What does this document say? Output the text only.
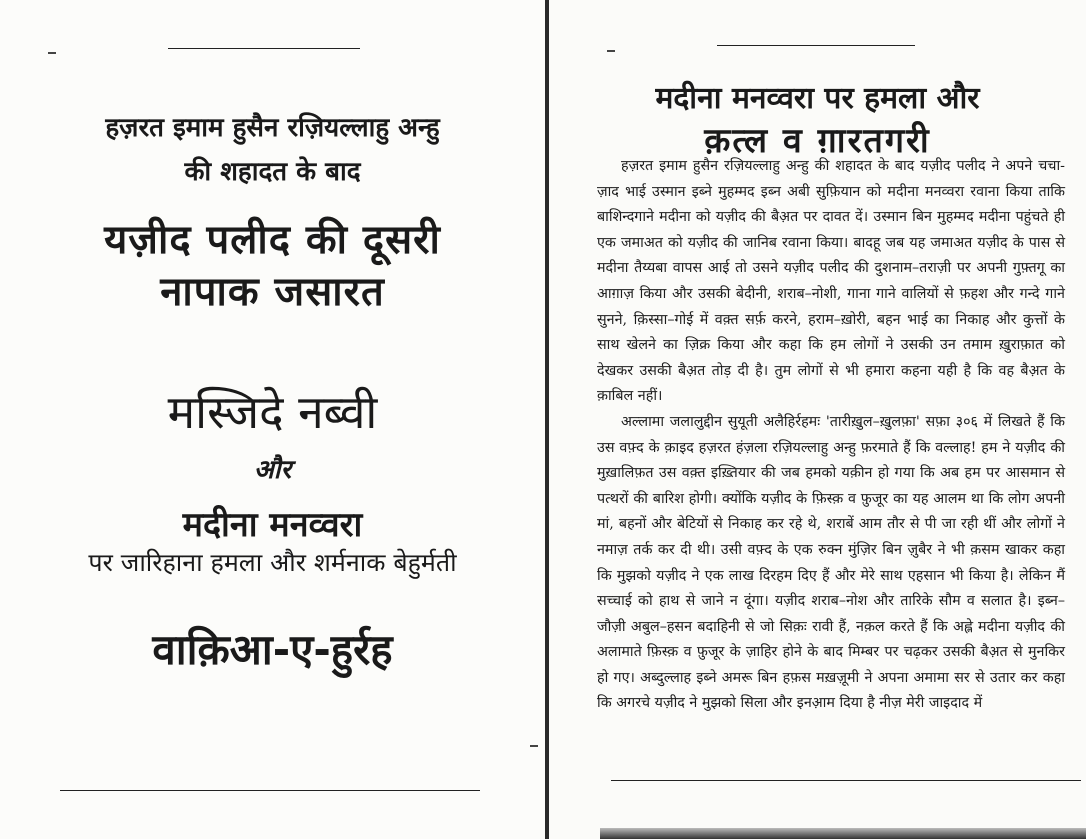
हज़रत इमाम हुसैन रज़ियल्लाहु अन्हु
की शहादत के बाद
यज़ीद पलीद की दूसरी
नापाक जसारत
मस्जिदे नब्वी
और
मदीना मनव्वरा
पर जारिहाना हमला और शर्मनाक बेहुर्मती
वाक़िआ-ए-हुर्रह
मदीना मनव्वरा पर हमला और
क़त्ल व ग़ारतगरी

हज़रत इमाम हुसैन रज़ियल्लाहु अन्हु की शहादत के बाद यज़ीद पलीद ने अपने चचा-ज़ाद भाई उस्मान इब्ने मुहम्मद इब्न अबी सुफ़ियान को मदीना मनव्वरा रवाना किया ताकि बाशिन्दगाने मदीना को यज़ीद की बैअ़त पर दावत दें। उस्मान बिन मुहम्मद मदीना पहुंचते ही एक जमाअत को यज़ीद की जानिब रवाना किया। बादहू जब यह जमाअत यज़ीद के पास से मदीना तैय्यबा वापस आई तो उसने यज़ीद पलीद की दुशनाम–तराज़ी पर अपनी गुफ़्तगू का आग़ाज़ किया और उसकी बेदीनी, शराब–नोशी, गाना गाने वालियों से फ़हश और गन्दे गाने सुनने, क़िस्सा–गोई में वक़्त सर्फ़ करने, हराम–ख़ोरी, बहन भाई का निकाह और कुत्तों के साथ खेलने का ज़िक्र किया और कहा कि हम लोगों ने उसकी उन तमाम ख़ुराफ़ात को देखकर उसकी बैअ़त तोड़ दी है। तुम लोगों से भी हमारा कहना यही है कि वह बैअ़त के क़ाबिल नहीं।

अल्लामा जलालुद्दीन सुयूती अलैहिर्रहमः 'तारीख़ुल–ख़ुलफ़ा' सफ़ा ३०६ में लिखते हैं कि उस वफ़्द के क़ाइद हज़रत हंज़ला रज़ियल्लाहु अन्हु फ़रमाते हैं कि वल्लाह! हम ने यज़ीद की मुख़ालिफ़त उस वक़्त इख़्तियार की जब हमको यक़ीन हो गया कि अब हम पर आसमान से पत्थरों की बारिश होगी। क्योंकि यज़ीद के फ़िस्क़ व फ़ुजूर का यह आलम था कि लोग अपनी मां, बहनों और बेटियों से निकाह कर रहे थे, शराबें आम तौर से पी जा रही थीं और लोगों ने नमाज़ तर्क कर दी थी। उसी वफ़्द के एक रुक्न मुंज़िर बिन ज़ुबैर ने भी क़सम खाकर कहा कि मुझको यज़ीद ने एक लाख दिरहम दिए हैं और मेरे साथ एहसान भी किया है। लेकिन मैं सच्चाई को हाथ से जाने न दूंगा। यज़ीद शराब–नोश और तारिके सौम व सलात है। इब्न–जौज़ी अबुल–हसन बदाहिनी से जो सिक़ः रावी हैं, नक़ल करते हैं कि अह्ले मदीना यज़ीद की अलामाते फ़िस्क़ व फ़ुजूर के ज़ाहिर होने के बाद मिम्बर पर चढ़कर उसकी बैअ़त से मुनकिर हो गए। अब्दुल्लाह इब्ने अमरू बिन हफ़स मख़ज़ूमी ने अपना अमामा सर से उतार कर कहा कि अगरचे यज़ीद ने मुझको सिला और इनआ़म दिया है नीज़ मेरी जाइदाद में
